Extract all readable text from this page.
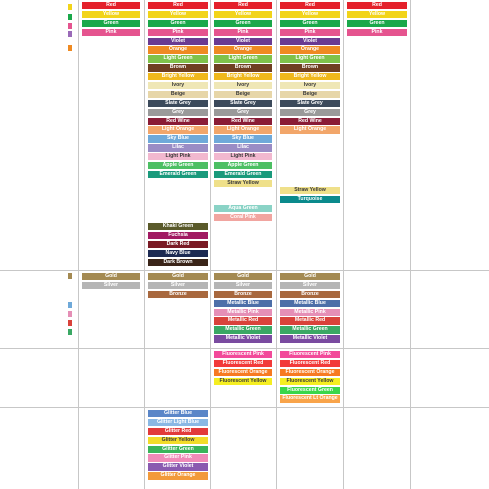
Red
Yellow
Green
Pink
Red
Yellow
Green
Pink
Violet
Orange
Light Green
Brown
Bright Yellow
Ivory
Beige
Slate Grey
Grey
Red Wine
Light Orange
Sky Blue
Lilac
Light Pink
Apple Green
Emerald Green
Khaki Green
Fuchsia
Dark Red
Navy Blue
Dark Brown
Red
Yellow
Green
Pink
Violet
Orange
Light Green
Brown
Bright Yellow
Ivory
Beige
Slate Grey
Grey
Red Wine
Light Orange
Sky Blue
Lilac
Light Pink
Apple Green
Emerald Green
Straw Yellow
Aqua Green
Coral Pink
Red
Yellow
Green
Pink
Violet
Orange
Light Green
Brown
Bright Yellow
Ivory
Beige
Slate Grey
Grey
Red Wine
Light Orange
Straw Yellow
Turquoise
Red
Yellow
Green
Pink
Gold
Silver
Gold
Silver
Bronze
Gold
Silver
Bronze
Metallic Blue
Metallic Pink
Metallic Red
Metallic Green
Metallic Violet
Gold
Silver
Bronze
Metallic Blue
Metallic Pink
Metallic Red
Metallic Green
Metallic Violet
Fluorescent Pink
Fluorescent Red
Fluorescent Orange
Fluorescent Yellow
Fluorescent Pink
Fluorescent Red
Fluorescent Orange
Fluorescent Yellow
Fluorescent Green
Fluorescent Lt Orange
Glitter Blue
Glitter Light Blue
Glitter Red
Glitter Yellow
Glitter Green
Glitter Pink
Glitter Violet
Glitter Orange
